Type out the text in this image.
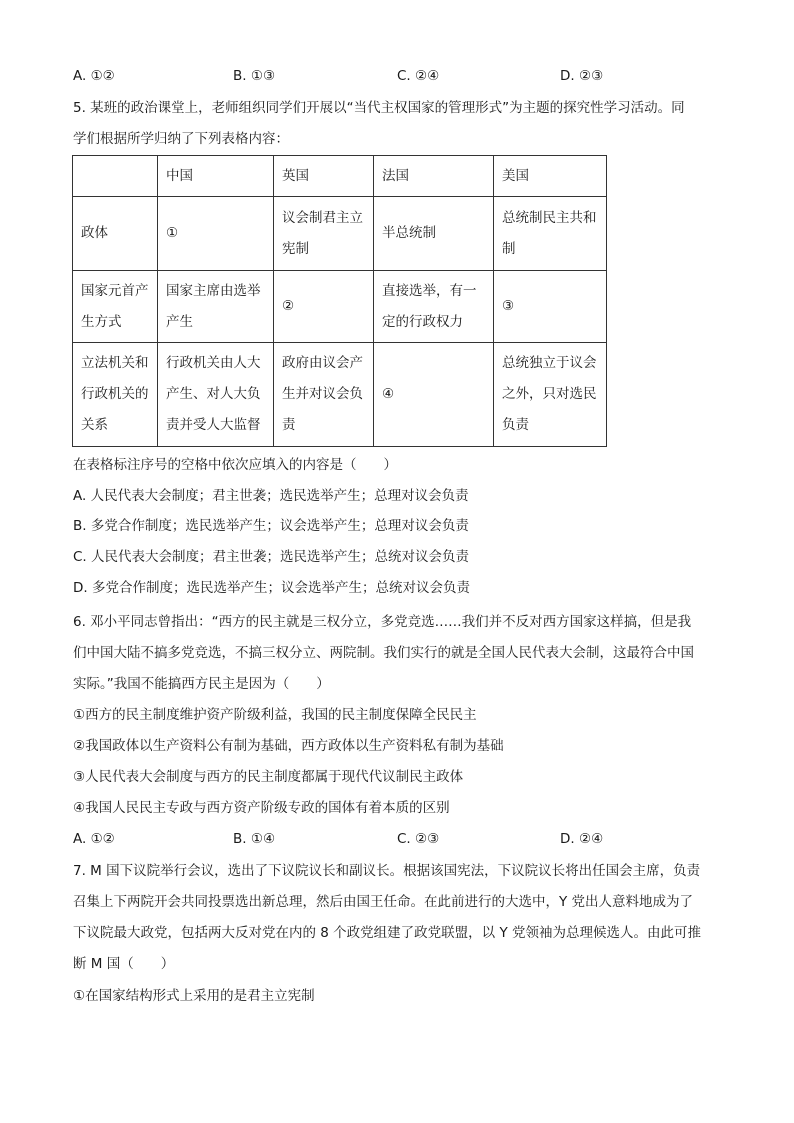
A. ①②	B. ①③	C. ②④	D. ②③
5. 某班的政治课堂上，老师组织同学们开展以“当代主权国家的管理形式”为主题的探究性学习活动。同
学们根据所学归纳了下列表格内容：
	中国	英国	法国	美国
政体	①	议会制君主立宪制	半总统制	总统制民主共和制
国家元首产生方式	国家主席由选举产生	②	直接选举，有一定的行政权力	③
立法机关和行政机关的关系	行政机关由人大产生、对人大负责并受人大监督	政府由议会产生并对议会负责	④	总统独立于议会之外，只对选民负责
在表格标注序号的空格中依次应填入的内容是（　　）
A. 人民代表大会制度；君主世袭；选民选举产生；总理对议会负责
B. 多党合作制度；选民选举产生；议会选举产生；总理对议会负责
C. 人民代表大会制度；君主世袭；选民选举产生；总统对议会负责
D. 多党合作制度；选民选举产生；议会选举产生；总统对议会负责
6. 邓小平同志曾指出：“西方的民主就是三权分立，多党竞选……我们并不反对西方国家这样搞，但是我
们中国大陆不搞多党竞选，不搞三权分立、两院制。我们实行的就是全国人民代表大会制，这最符合中国
实际。”我国不能搞西方民主是因为（　　）
①西方的民主制度维护资产阶级利益，我国的民主制度保障全民民主
②我国政体以生产资料公有制为基础，西方政体以生产资料私有制为基础
③人民代表大会制度与西方的民主制度都属于现代代议制民主政体
④我国人民民主专政与西方资产阶级专政的国体有着本质的区别
A. ①②	B. ①④	C. ②③	D. ②④
7. M 国下议院举行会议，选出了下议院议长和副议长。根据该国宪法，下议院议长将出任国会主席，负责
召集上下两院开会共同投票选出新总理，然后由国王任命。在此前进行的大选中，Y 党出人意料地成为了
下议院最大政党，包括两大反对党在内的 8 个政党组建了政党联盟，以 Y 党领袖为总理候选人。由此可推
断 M 国（　　）
①在国家结构形式上采用的是君主立宪制
